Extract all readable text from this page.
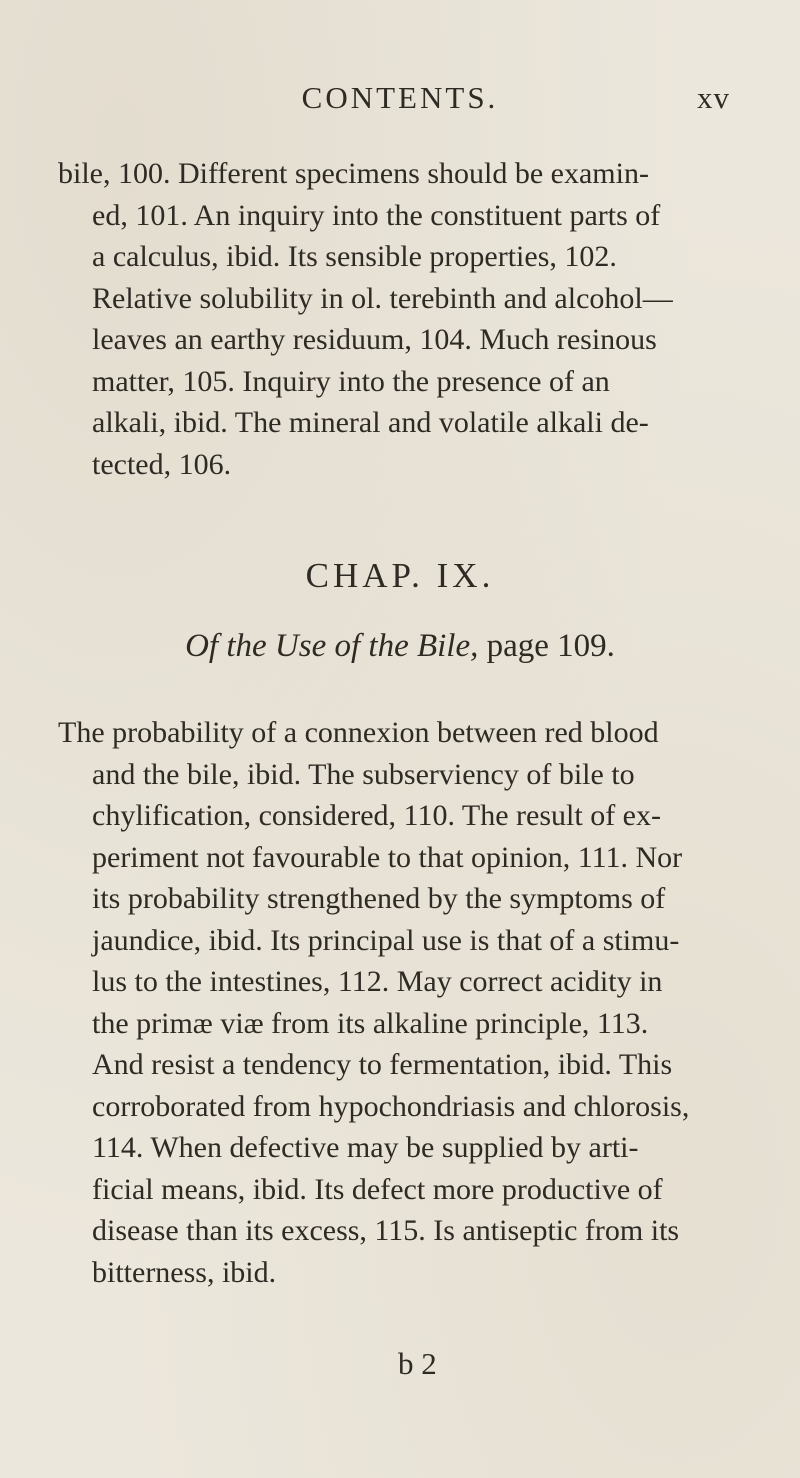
CONTENTS.	xv
bile, 100. Different specimens should be examin-
ed, 101. An inquiry into the constituent parts of
a calculus, ibid. Its sensible properties, 102.
Relative solubility in ol. terebinth and alcohol—
leaves an earthy residuum, 104. Much resinous
matter, 105. Inquiry into the presence of an
alkali, ibid. The mineral and volatile alkali de-
tected, 106.
CHAP. IX.
Of the Use of the Bile, page 109.
The probability of a connexion between red blood
and the bile, ibid. The subserviency of bile to
chylification, considered, 110. The result of ex-
periment not favourable to that opinion, 111. Nor
its probability strengthened by the symptoms of
jaundice, ibid. Its principal use is that of a stimu-
lus to the intestines, 112. May correct acidity in
the primæ viæ from its alkaline principle, 113.
And resist a tendency to fermentation, ibid. This
corroborated from hypochondriasis and chlorosis,
114. When defective may be supplied by arti-
ficial means, ibid. Its defect more productive of
disease than its excess, 115. Is antiseptic from its
bitterness, ibid.
b 2
